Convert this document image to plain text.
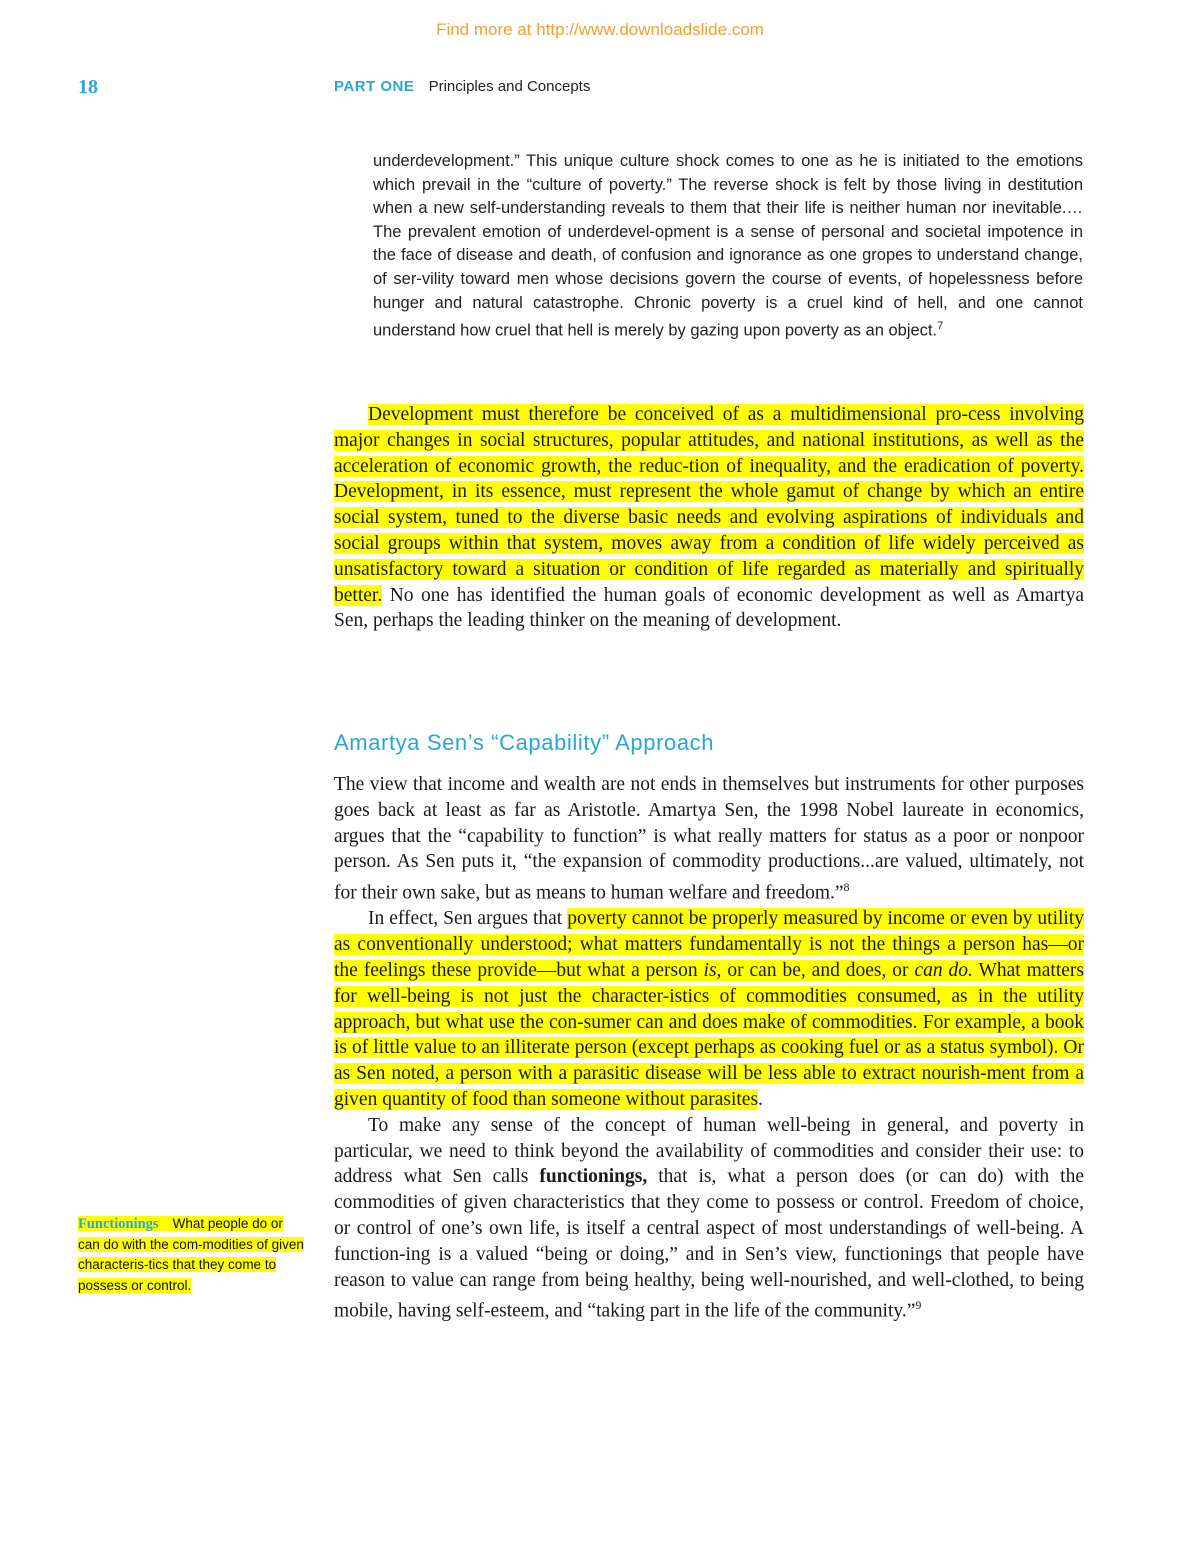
Find more at http://www.downloadslide.com
18	PART ONE Principles and Concepts
underdevelopment.” This unique culture shock comes to one as he is initiated to the emotions which prevail in the “culture of poverty.” The reverse shock is felt by those living in destitution when a new self-understanding reveals to them that their life is neither human nor inevitable.…The prevalent emotion of underdevel-opment is a sense of personal and societal impotence in the face of disease and death, of confusion and ignorance as one gropes to understand change, of ser-vility toward men whose decisions govern the course of events, of hopelessness before hunger and natural catastrophe. Chronic poverty is a cruel kind of hell, and one cannot understand how cruel that hell is merely by gazing upon poverty as an object.$^7$

Development must therefore be conceived of as a multidimensional pro-cess involving major changes in social structures, popular attitudes, and national institutions, as well as the acceleration of economic growth, the reduc-tion of inequality, and the eradication of poverty. Development, in its essence, must represent the whole gamut of change by which an entire social system, tuned to the diverse basic needs and evolving aspirations of individuals and social groups within that system, moves away from a condition of life widely perceived as unsatisfactory toward a situation or condition of life regarded as materially and spiritually better. No one has identified the human goals of economic development as well as Amartya Sen, perhaps the leading thinker on the meaning of development.

Amartya Sen’s “Capability” Approach

The view that income and wealth are not ends in themselves but instruments for other purposes goes back at least as far as Aristotle. Amartya Sen, the 1998 Nobel laureate in economics, argues that the “capability to function” is what really matters for status as a poor or nonpoor person. As Sen puts it, “the expansion of commodity productions...are valued, ultimately, not for their own sake, but as means to human welfare and freedom.”$^8$

In effect, Sen argues that poverty cannot be properly measured by income or even by utility as conventionally understood; what matters fundamentally is not the things a person has—or the feelings these provide—but what a person is, or can be, and does, or can do. What matters for well-being is not just the character-istics of commodities consumed, as in the utility approach, but what use the con-sumer can and does make of commodities. For example, a book is of little value to an illiterate person (except perhaps as cooking fuel or as a status symbol). Or as Sen noted, a person with a parasitic disease will be less able to extract nourish-ment from a given quantity of food than someone without parasites.

To make any sense of the concept of human well-being in general, and poverty in particular, we need to think beyond the availability of commodities and consider their use: to address what Sen calls functionings, that is, what a person does (or can do) with the commodities of given characteristics that they come to possess or control. Freedom of choice, or control of one’s own life, is itself a central aspect of most understandings of well-being. A function-ing is a valued “being or doing,” and in Sen’s view, functionings that people have reason to value can range from being healthy, being well-nourished, and well-clothed, to being mobile, having self-esteem, and “taking part in the life of the community.”$^9$

Functionings What people do or can do with the com-modities of given characteris-tics that they come to possess or control.
